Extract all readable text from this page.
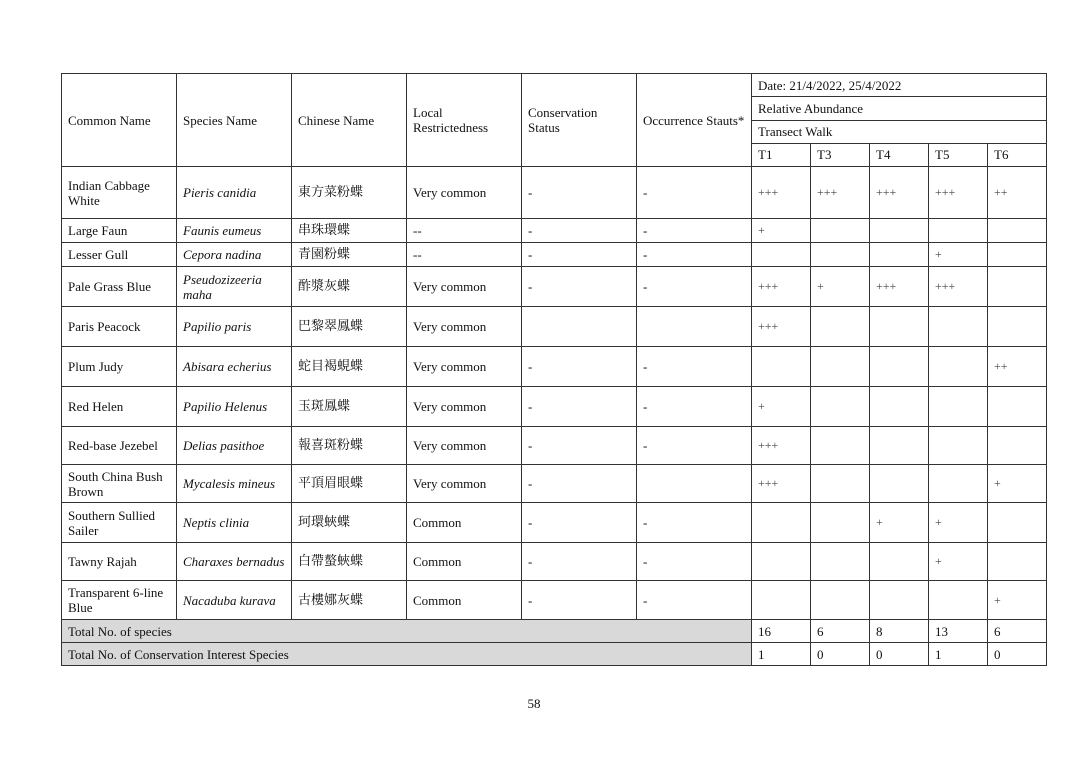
Common Name	Species Name	Chinese Name	Local Restrictedness	Conservation Status	Occurrence Stauts*	Date: 21/4/2022, 25/4/2022				
						Relative Abundance				
						Transect Walk				
						T1	T3	T4	T5	T6
Indian Cabbage White	Pieris canidia	東方菜粉蝶	Very common	-	-	+++	+++	+++	+++	++
Large Faun	Faunis eumeus	串珠環蝶	--	-	-	+				
Lesser Gull	Cepora nadina	青園粉蝶	--	-	-				+	
Pale Grass Blue	Pseudozizeeria maha	酢漿灰蝶	Very common	-	-	+++	+	+++	+++	
Paris Peacock	Papilio paris	巴黎翠鳳蝶	Very common			+++				
Plum Judy	Abisara echerius	蛇目褐蜆蝶	Very common	-	-					++
Red Helen	Papilio Helenus	玉斑鳳蝶	Very common	-	-	+				
Red-base Jezebel	Delias pasithoe	報喜斑粉蝶	Very common	-	-	+++				
South China Bush Brown	Mycalesis mineus	平頂眉眼蝶	Very common	-		+++				+
Southern Sullied Sailer	Neptis clinia	珂環蛺蝶	Common	-	-			+	+	
Tawny Rajah	Charaxes bernadus	白帶螯蛺蝶	Common	-	-				+	
Transparent 6-line Blue	Nacaduba kurava	古樓娜灰蝶	Common	-	-					+
Total No. of species						16	6	8	13	6
Total No. of Conservation Interest Species						1	0	0	1	0
58
